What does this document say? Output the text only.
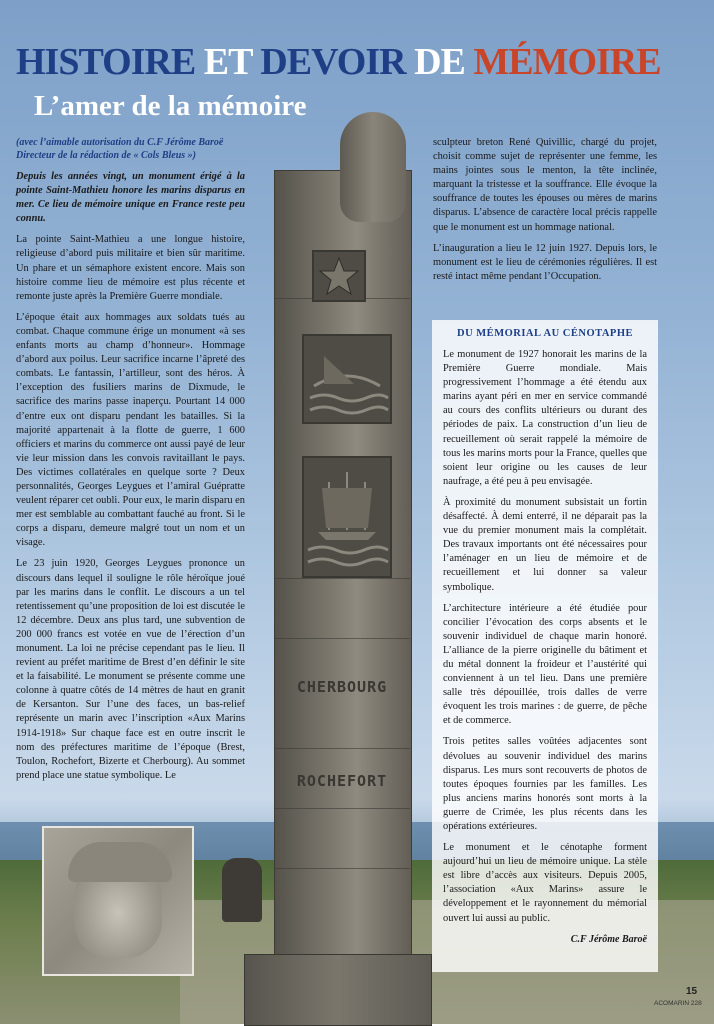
HISTOIRE ET DEVOIR DE MÉMOIRE
L’amer de la mémoire
(avec l’aimable autorisation du C.F Jérôme Baroë
Directeur de la rédaction de « Cols Bleus »)

Depuis les années vingt, un monument érigé à la pointe Saint-Mathieu honore les marins disparus en mer. Ce lieu de mémoire unique en France reste peu connu.

La pointe Saint-Mathieu a une longue histoire, religieuse d’abord puis militaire et bien sûr maritime. Un phare et un sémaphore existent encore. Mais son histoire comme lieu de mémoire est plus récente et remonte juste après la Première Guerre mondiale.

L’époque était aux hommages aux soldats tués au combat. Chaque commune érige un monument «à ses enfants morts au champ d’honneur». Hommage d’abord aux poilus. Leur sacrifice incarne l’âpreté des combats. Le fantassin, l’artilleur, sont des héros. À l’exception des fusiliers marins de Dixmude, le sacrifice des marins passe inaperçu. Pourtant 14 000 d’entre eux ont disparu pendant les batailles. Si la majorité appartenait à la flotte de guerre, 1 600 officiers et marins du commerce ont aussi payé de leur vie leur mission dans les convois ravitaillant le pays. Des victimes collatérales en quelque sorte ? Deux personnalités, Georges Leygues et l’amiral Guépratte veulent réparer cet oubli. Pour eux, le marin disparu en mer est semblable au combattant fauché au front. Si le corps a disparu, demeure malgré tout un nom et un visage.

Le 23 juin 1920, Georges Leygues prononce un discours dans lequel il souligne le rôle héroïque joué par les marins dans le conflit. Le discours a un tel retentissement qu’une proposition de loi est discutée le 12 décembre. Deux ans plus tard, une subvention de 200 000 francs est votée en vue de l’érection d’un monument. La loi ne précise cependant pas le lieu. Il revient au préfet maritime de Brest d’en définir le site et la faisabilité. Le monument se présente comme une colonne à quatre côtés de 14 mètres de haut en granit de Kersanton. Sur l’une des faces, un bas-relief représente un marin avec l’inscription «Aux Marins 1914-1918» Sur chaque face est en outre inscrit le nom des préfectures maritime de l’époque (Brest, Toulon, Rochefort, Bizerte et Cherbourg). Au sommet prend place une statue symbolique. Le

CHERBOURG
ROCHEFORT

sculpteur breton René Quivillic, chargé du projet, choisit comme sujet de représenter une femme, les mains jointes sous le menton, la tête inclinée, marquant la tristesse et la souffrance. Elle évoque la souffrance de toutes les épouses ou mères de marins disparus. L’absence de caractère local précis rappelle que le monument est un hommage national.

L’inauguration a lieu le 12 juin 1927. Depuis lors, le monument est le lieu de cérémonies régulières. Il est resté intact même pendant l’Occupation.

DU MÉMORIAL AU CÉNOTAPHE

Le monument de 1927 honorait les marins de la Première Guerre mondiale. Mais progressivement l’hommage a été étendu aux marins ayant péri en mer en service commandé au cours des conflits ultérieurs ou durant des périodes de paix. La construction d’un lieu de recueillement où serait rappelé la mémoire de tous les marins morts pour la France, quelles que soient leur origine ou les causes de leur naufrage, a été peu à peu envisagée.

À proximité du monument subsistait un fortin désaffecté. À demi enterré, il ne déparait pas la vue du premier monument mais la complétait. Des travaux importants ont été nécessaires pour l’aménager en un lieu de mémoire et de recueillement et lui donner sa valeur symbolique.

L’architecture intérieure a été étudiée pour concilier l’évocation des corps absents et le souvenir individuel de chaque marin honoré. L’alliance de la pierre originelle du bâtiment et du métal donnent la froideur et l’austérité qui conviennent à un tel lieu. Dans une première salle très dépouillée, trois dalles de verre évoquent les trois marines : de guerre, de pêche et de commerce.

Trois petites salles voûtées adjacentes sont dévolues au souvenir individuel des marins disparus. Les murs sont recouverts de photos de toutes époques fournies par les familles. Les plus anciens marins honorés sont morts à la guerre de Crimée, les plus récents dans les opérations extérieures.

Le monument et le cénotaphe forment aujourd’hui un lieu de mémoire unique. La stèle est libre d’accès aux visiteurs. Depuis 2005, l’association «Aux Marins» assure le développement et le rayonnement du mémorial ouvert lui aussi au public.

C.F Jérôme Baroë
15
ACOMARIN 228
